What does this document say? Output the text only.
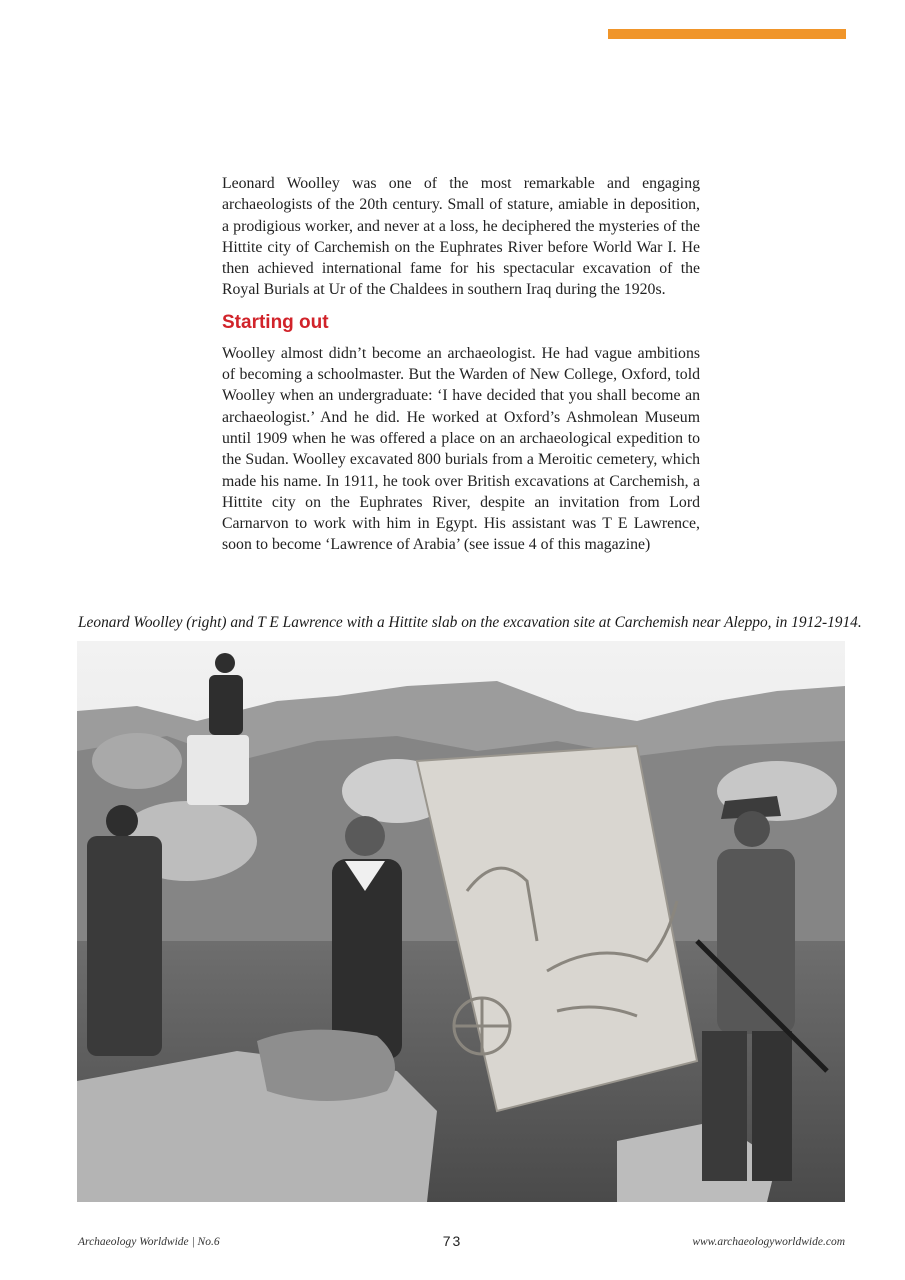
Leonard Woolley was one of the most remarkable and engaging archaeologists of the 20th century. Small of stature, amiable in deposition, a prodigious worker, and never at a loss, he deciphered the mysteries of the Hittite city of Carchemish on the Euphrates River before World War I. He then achieved international fame for his spectacular excavation of the Royal Burials at Ur of the Chaldees in southern Iraq during the 1920s.

Starting out

Woolley almost didn’t become an archaeologist. He had vague ambitions of becoming a schoolmaster. But the Warden of New College, Oxford, told Woolley when an undergraduate: ‘I have decided that you shall become an archaeologist.’ And he did. He worked at Oxford’s Ashmolean Museum until 1909 when he was offered a place on an archaeological expedition to the Sudan. Woolley excavated 800 burials from a Meroitic cemetery, which made his name. In 1911, he took over British excavations at Carchemish, a Hittite city on the Euphrates River, despite an invitation from Lord Carnarvon to work with him in Egypt. His assistant was T E Lawrence, soon to become ‘Lawrence of Arabia’ (see issue 4 of this magazine)

Leonard Woolley (right) and T E Lawrence with a Hittite slab on the excavation site at Carchemish near Aleppo, in 1912-1914.

Archaeology Worldwide | No.6	73	www.archaeologyworldwide.com
